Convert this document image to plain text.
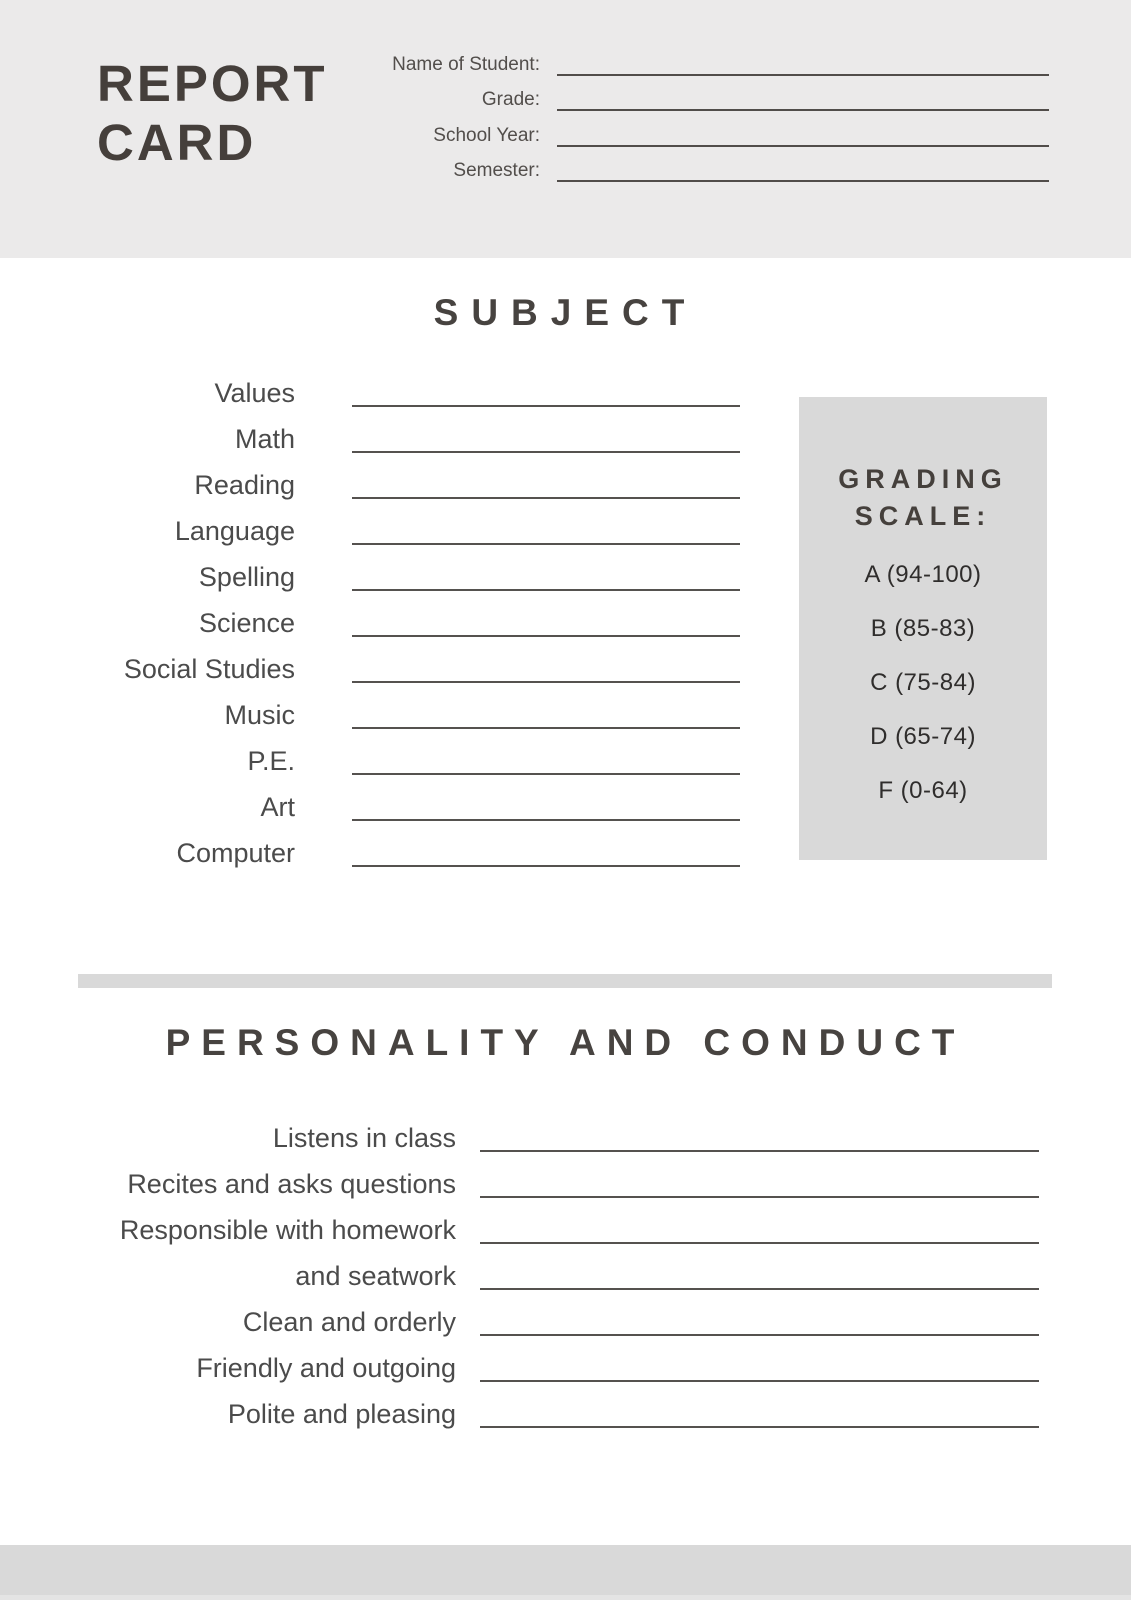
REPORT
CARD
Name of Student:
Grade:
School Year:
Semester:
SUBJECT
Values
Math
Reading
Language
Spelling
Science
Social Studies
Music
P.E.
Art
Computer
GRADING
SCALE:
A (94-100)
B (85-83)
C (75-84)
D (65-74)
F (0-64)
PERSONALITY AND CONDUCT
Listens in class
Recites and asks questions
Responsible with homework
and seatwork
Clean and orderly
Friendly and outgoing
Polite and pleasing
